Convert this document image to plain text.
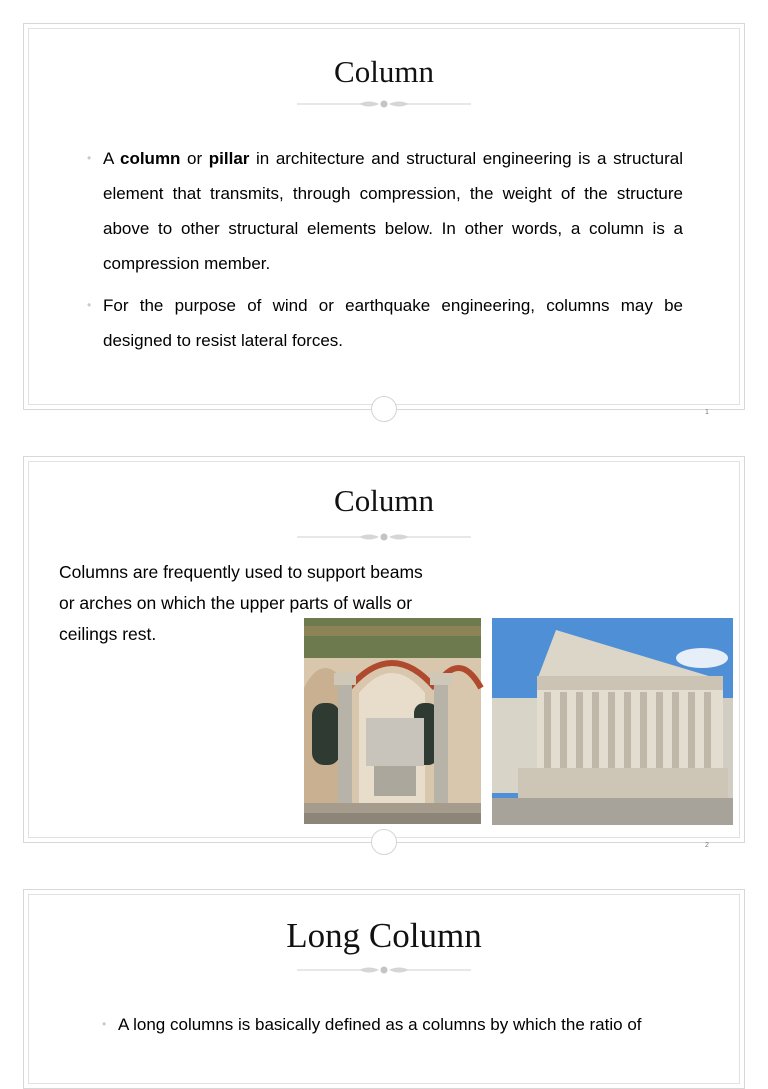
Column
• A column or pillar in architecture and structural engineering is a structural element that transmits, through compression, the weight of the structure above to other structural elements below. In other words, a column is a compression member.
• For the purpose of wind or earthquake engineering, columns may be designed to resist lateral forces.
1
Column
Columns are frequently used to support beams or arches on which the upper parts of walls or ceilings rest.
2
Long Column
• A long columns is basically defined as a columns by which the ratio of
